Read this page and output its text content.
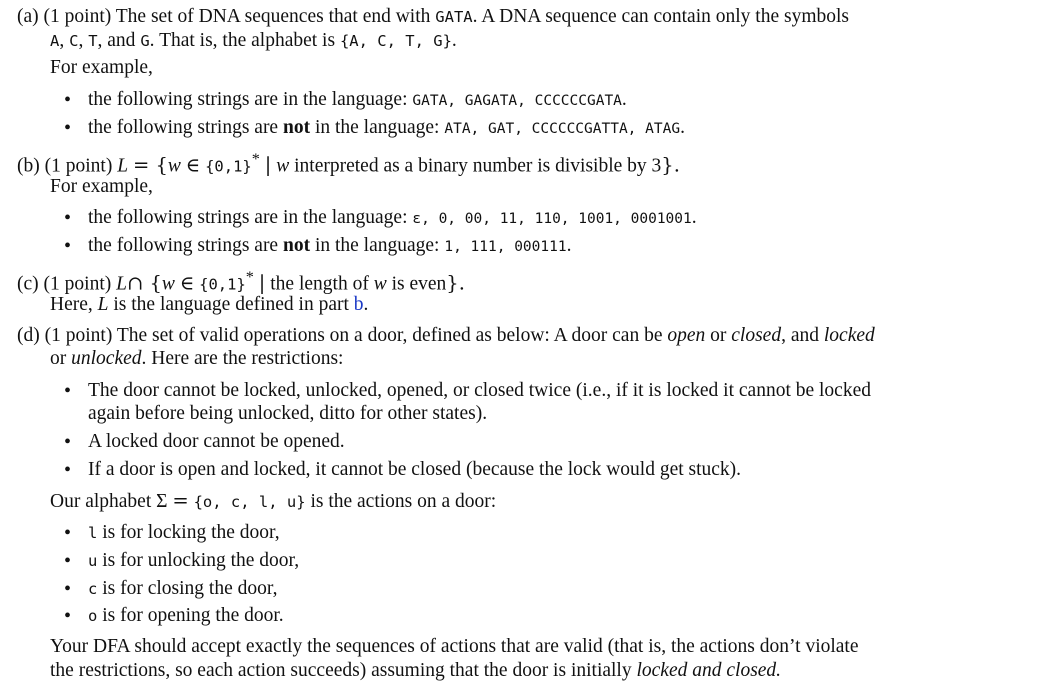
(a) (1 point) The set of DNA sequences that end with GATA. A DNA sequence can contain only the symbols
A, C, T, and G. That is, the alphabet is {A, C, T, G}.
For example,
• the following strings are in the language: GATA, GAGATA, CCCCCCGATA.
• the following strings are not in the language: ATA, GAT, CCCCCCGATTA, ATAG.
(b) (1 point) L = {w ∈ {0,1}* | w interpreted as a binary number is divisible by 3}.
For example,
• the following strings are in the language: ε, 0, 00, 11, 110, 1001, 0001001.
• the following strings are not in the language: 1, 111, 000111.
(c) (1 point) L∩ {w ∈ {0,1}* | the length of w is even}.
Here, L is the language defined in part b.
(d) (1 point) The set of valid operations on a door, defined as below: A door can be open or closed, and locked
or unlocked. Here are the restrictions:
• The door cannot be locked, unlocked, opened, or closed twice (i.e., if it is locked it cannot be locked
again before being unlocked, ditto for other states).
• A locked door cannot be opened.
• If a door is open and locked, it cannot be closed (because the lock would get stuck).
Our alphabet Σ = {o, c, l, u} is the actions on a door:
• l is for locking the door,
• u is for unlocking the door,
• c is for closing the door,
• o is for opening the door.
Your DFA should accept exactly the sequences of actions that are valid (that is, the actions don’t violate
the restrictions, so each action succeeds) assuming that the door is initially locked and closed.
